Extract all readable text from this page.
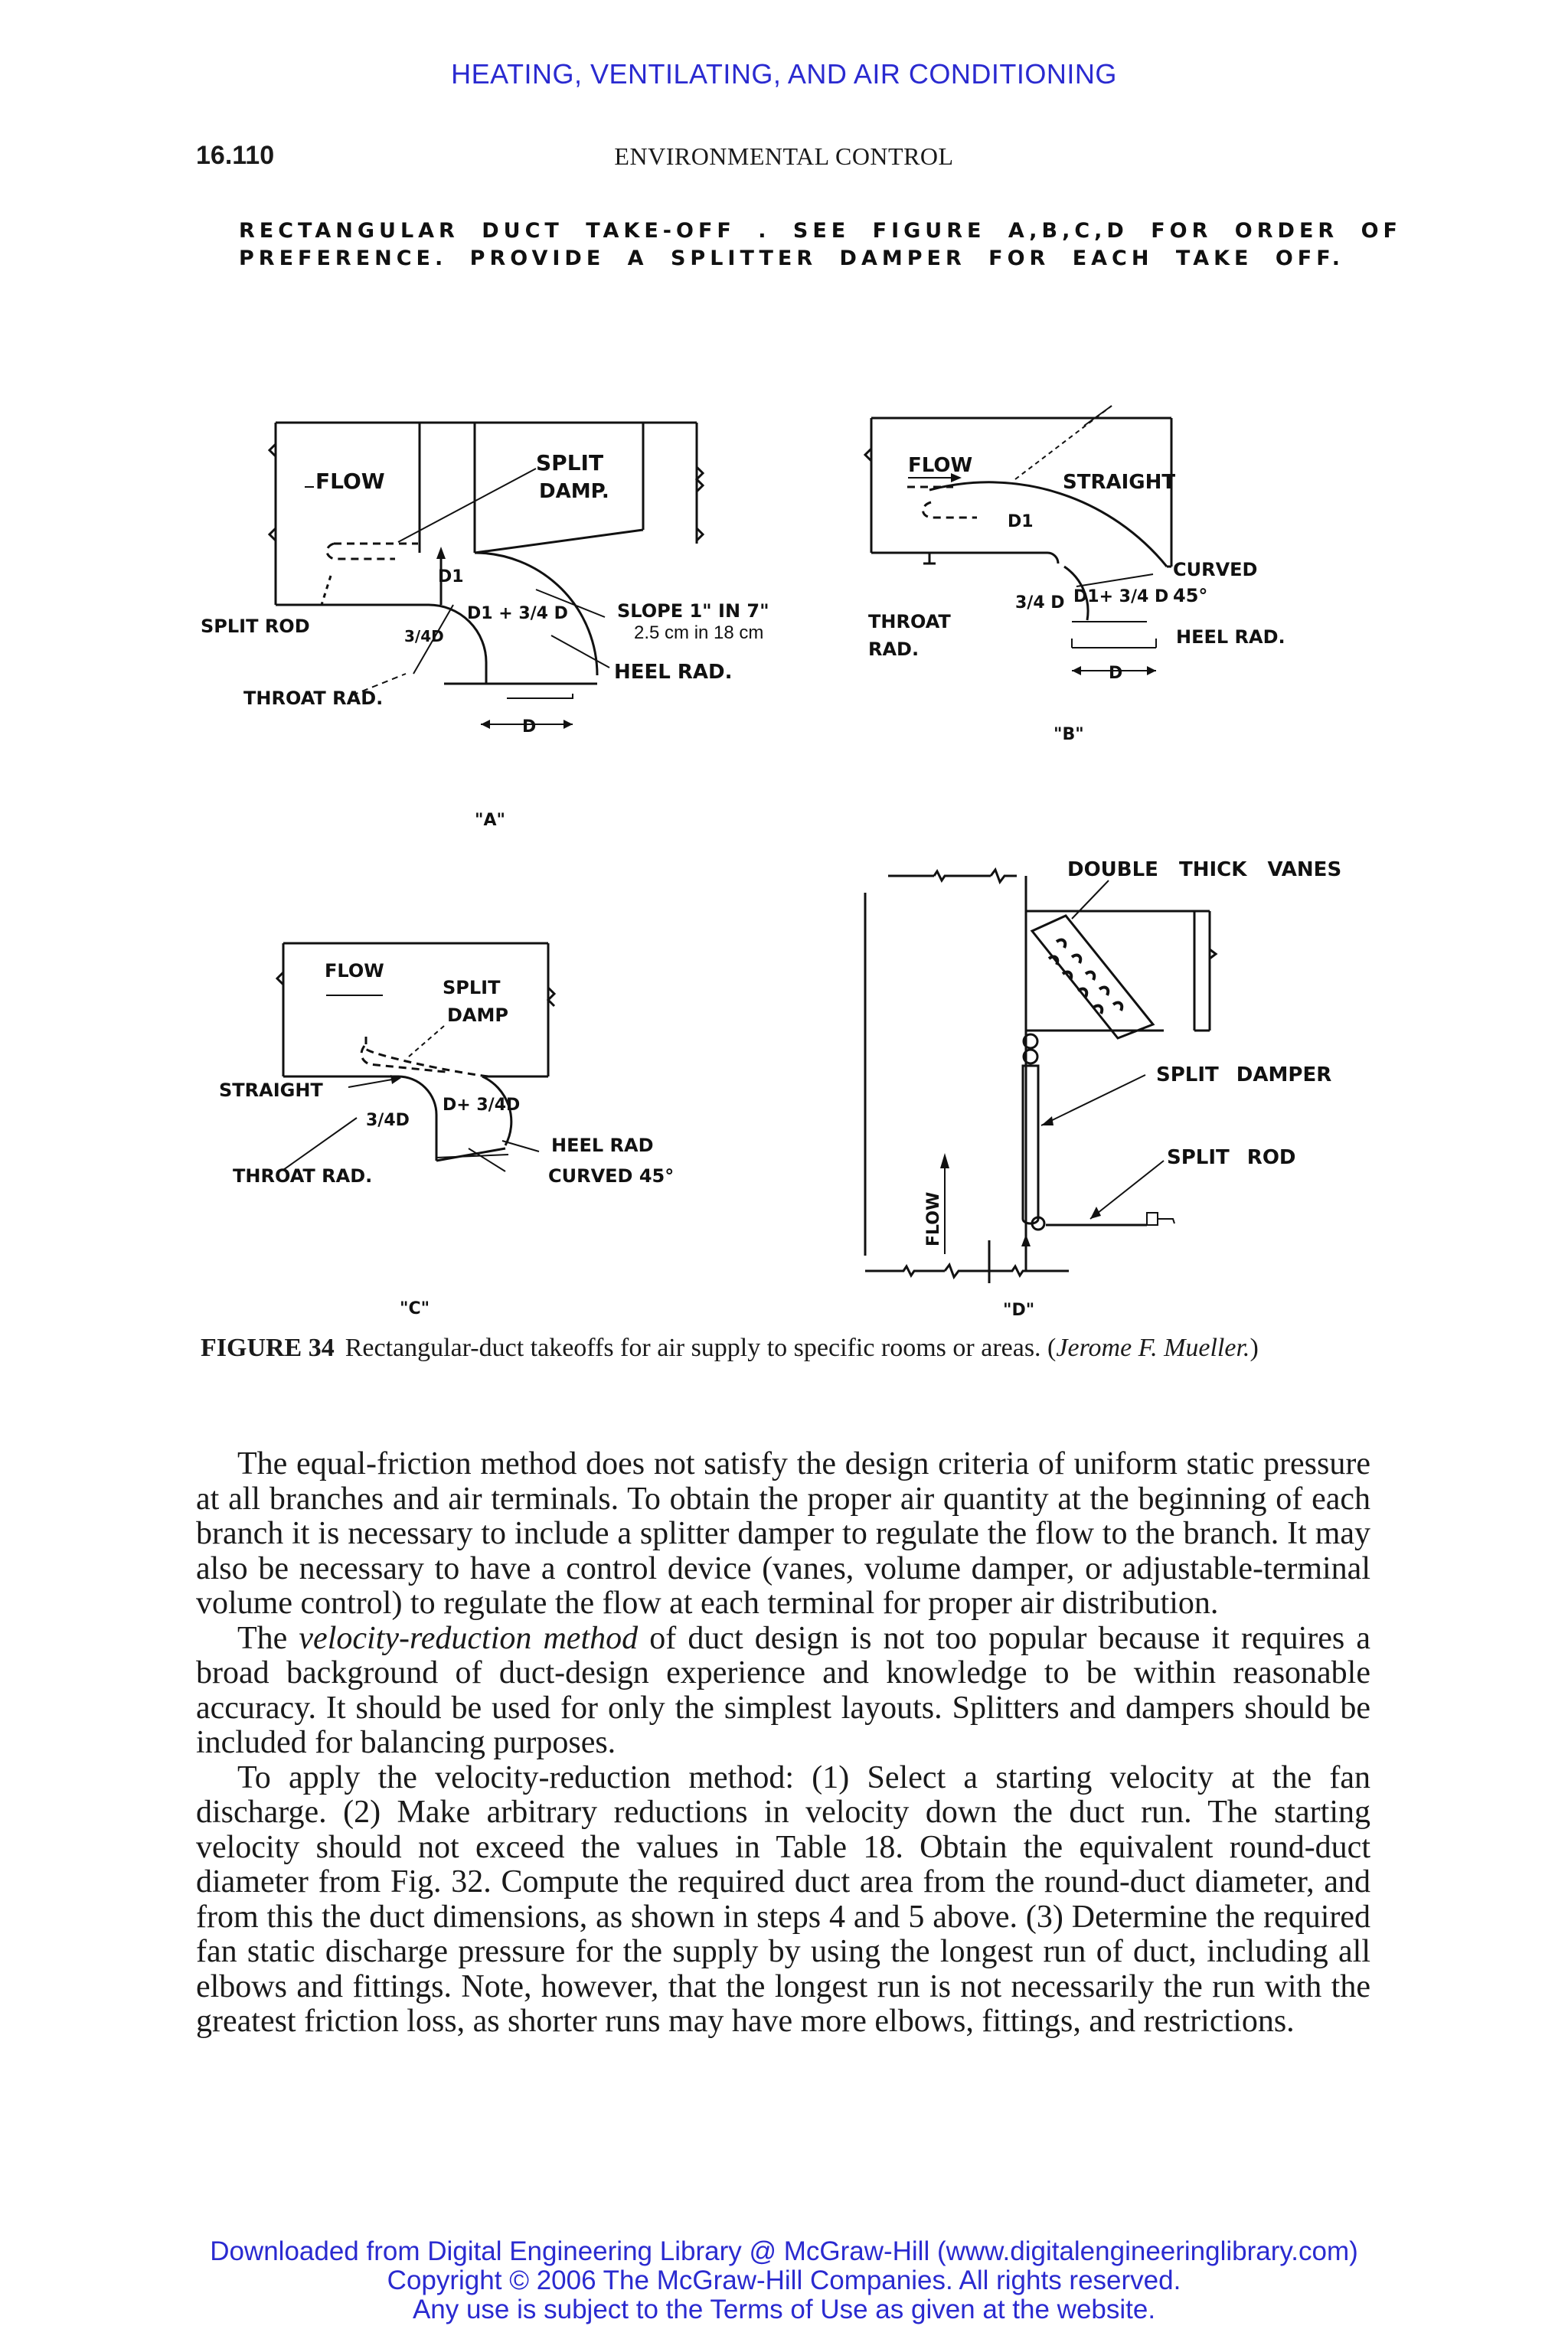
HEATING, VENTILATING, AND AIR CONDITIONING
16.110	ENVIRONMENTAL CONTROL
RECTANGULAR DUCT TAKE-OFF . SEE FIGURE A,B,C,D FOR ORDER OF
PREFERENCE. PROVIDE A SPLITTER DAMPER FOR EACH TAKE OFF.
FLOW
SPLIT
DAMP.
D1
D1 + 3/4 D
3/4D
SLOPE 1" IN 7"
2.5 cm in 18 cm
SPLIT ROD
HEEL RAD.
THROAT RAD.
D
"A"
FLOW
STRAIGHT
D1
CURVED
45°
3/4 D D1+ 3/4 D
THROAT
RAD.
HEEL RAD.
D
"B"
FLOW
SPLIT
DAMP
STRAIGHT
3/4D
D+ 3/4D
HEEL RAD
CURVED 45°
THROAT RAD.
"C"
DOUBLE THICK VANES
SPLIT DAMPER
SPLIT ROD
FLOW
"D"
FIGURE 34 Rectangular-duct takeoffs for air supply to specific rooms or areas. (Jerome F. Mueller.)

The equal-friction method does not satisfy the design criteria of uniform static pressure at all branches and air terminals. To obtain the proper air quantity at the beginning of each branch it is necessary to include a splitter damper to regulate the flow to the branch. It may also be necessary to have a control device (vanes, volume damper, or adjustable-terminal volume control) to regulate the flow at each terminal for proper air distribution.

The velocity-reduction method of duct design is not too popular because it requires a broad background of duct-design experience and knowledge to be within reasonable accuracy. It should be used for only the simplest layouts. Splitters and dampers should be included for balancing purposes.

To apply the velocity-reduction method: (1) Select a starting velocity at the fan discharge. (2) Make arbitrary reductions in velocity down the duct run. The starting velocity should not exceed the values in Table 18. Obtain the equivalent round-duct diameter from Fig. 32. Compute the required duct area from the round-duct diameter, and from this the duct dimensions, as shown in steps 4 and 5 above. (3) Determine the required fan static discharge pressure for the supply by using the longest run of duct, including all elbows and fittings. Note, however, that the longest run is not necessarily the run with the greatest friction loss, as shorter runs may have more elbows, fittings, and restrictions.

Downloaded from Digital Engineering Library @ McGraw-Hill (www.digitalengineeringlibrary.com)
Copyright © 2006 The McGraw-Hill Companies. All rights reserved.
Any use is subject to the Terms of Use as given at the website.
